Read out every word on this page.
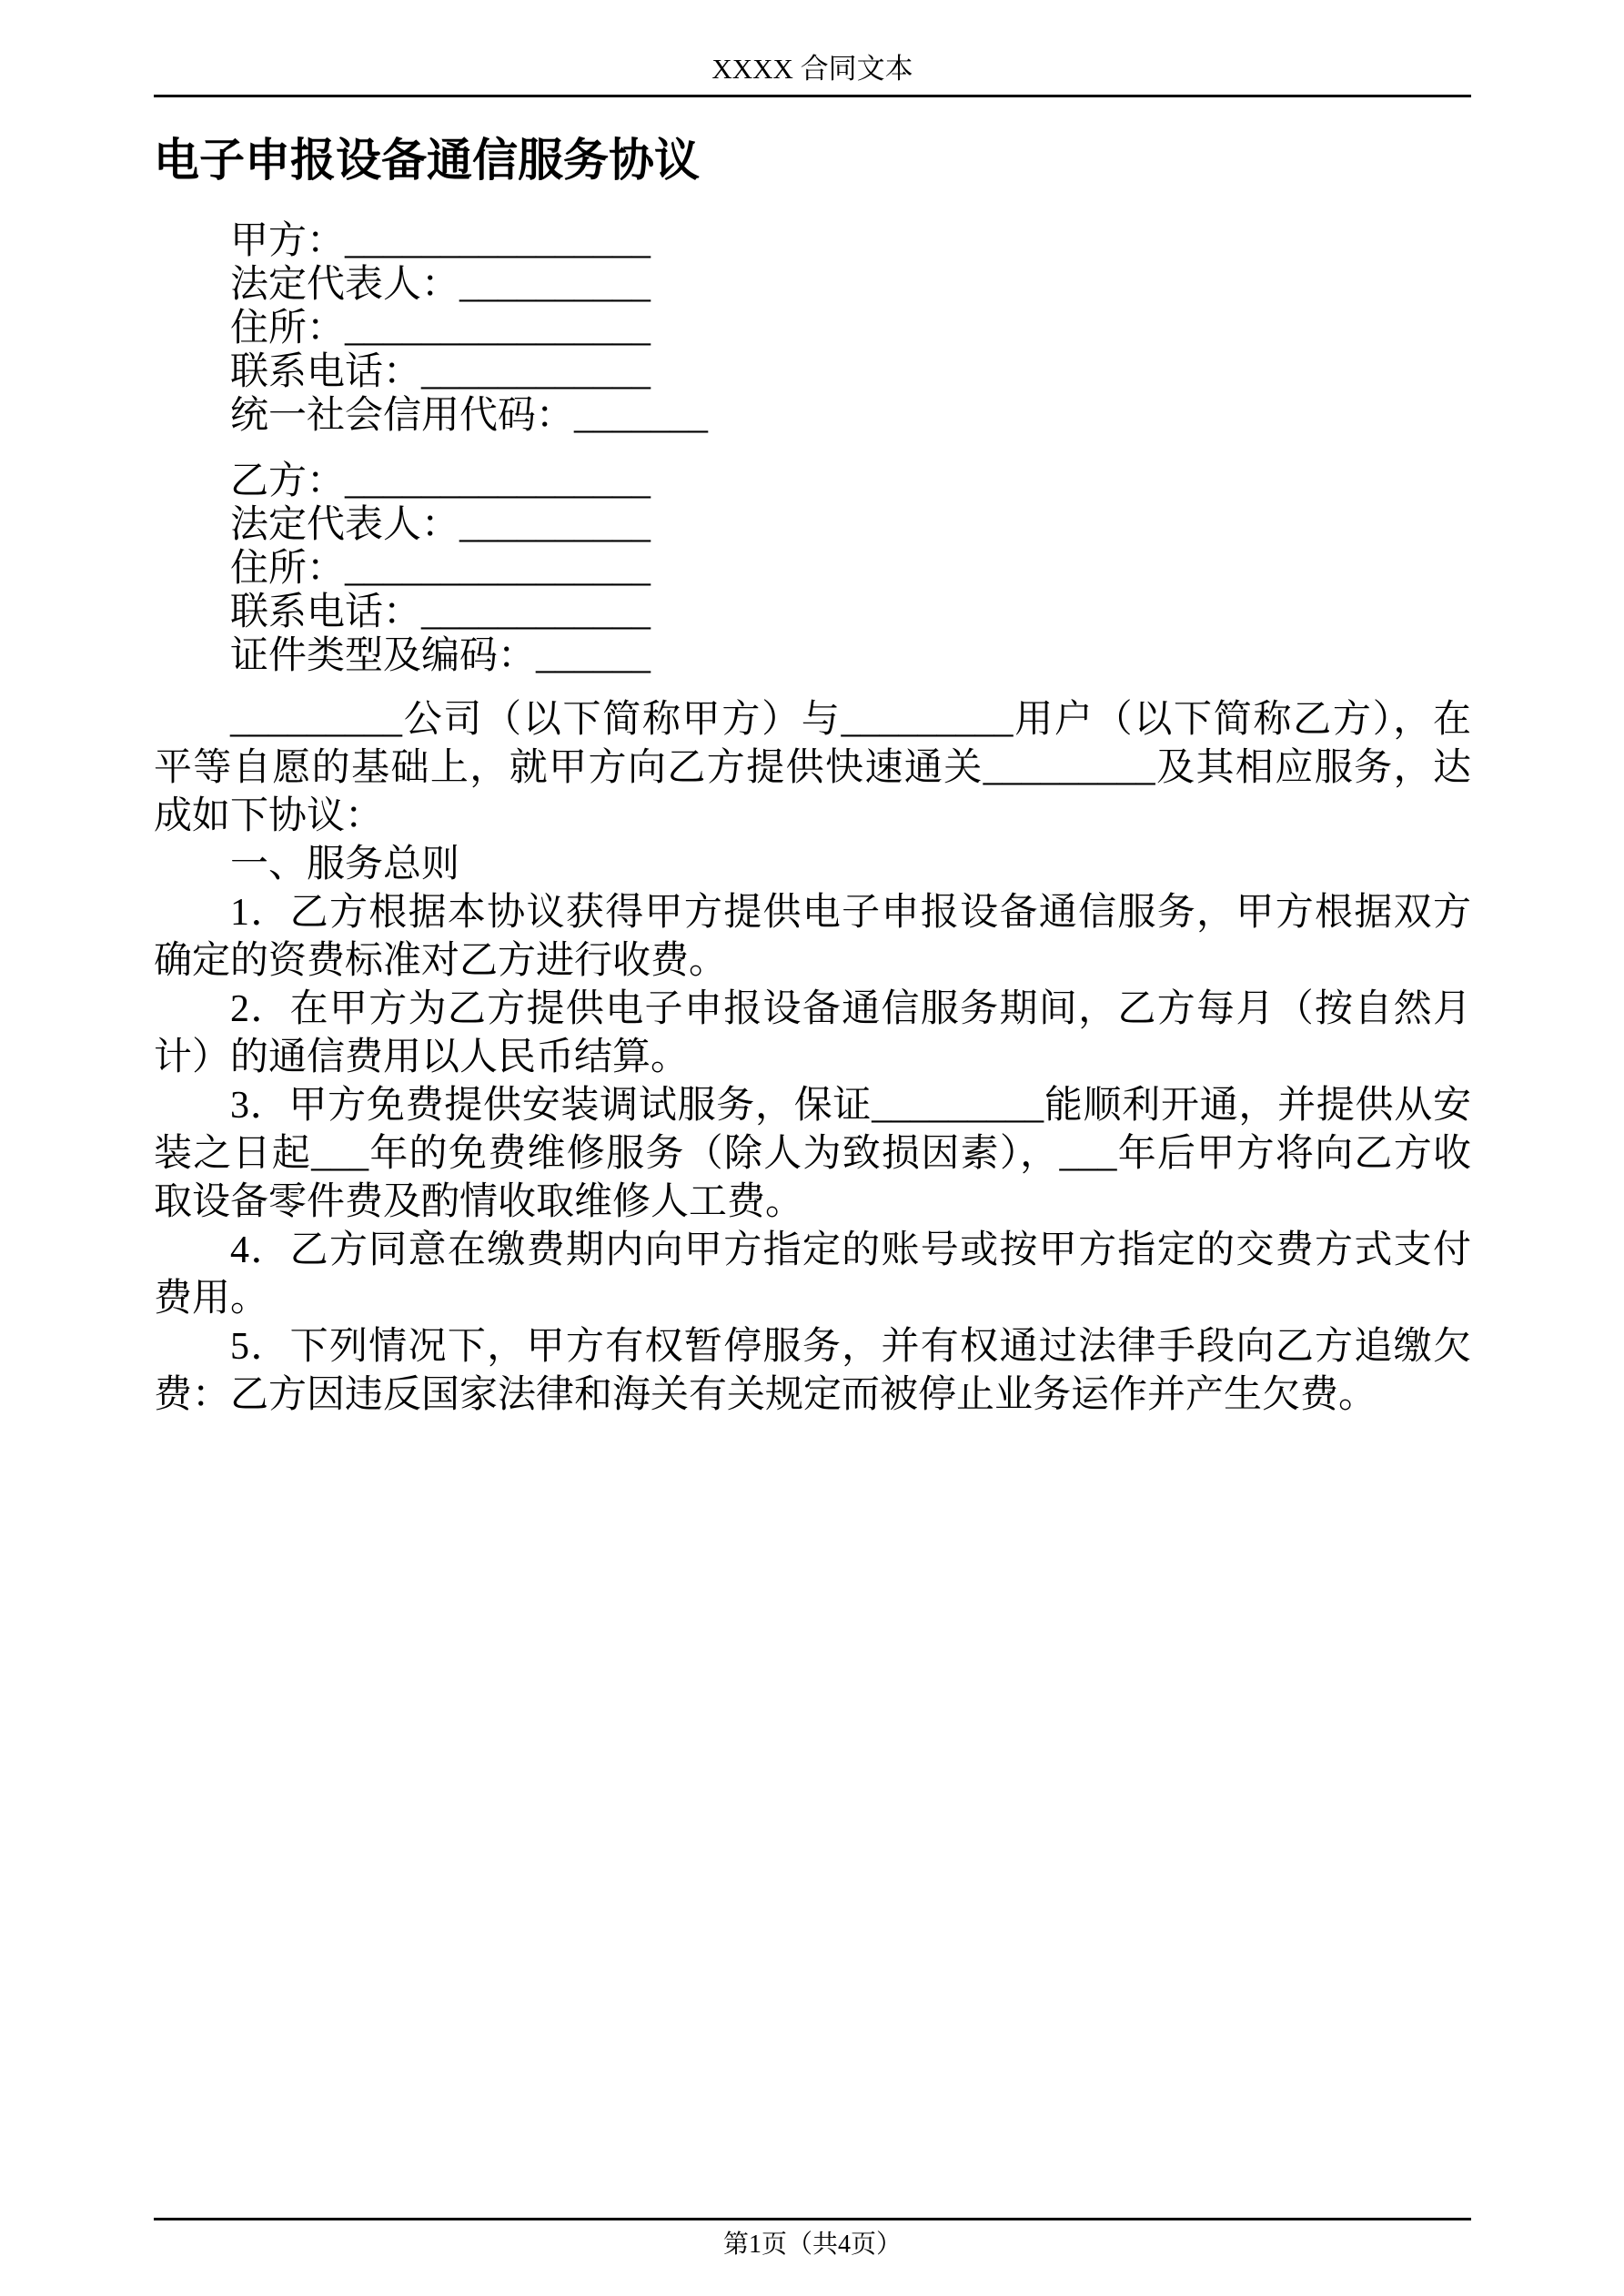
XXXX 合同文本
电子申报设备通信服务协议
甲方：________________
法定代表人：__________
住所：________________
联系电话：____________
统一社会信用代码：_______
乙方：________________
法定代表人：__________
住所：________________
联系电话：____________
证件类型及编码：______

_________公司（以下简称甲方）与_________用户（以下简称乙方），在平等自愿的基础上，就甲方向乙方提供快速通关_________及其相应服务，达成如下协议：

一、服务总则

1．乙方根据本协议获得甲方提供电子申报设备通信服务，甲方根据双方确定的资费标准对乙方进行收费。

2．在甲方为乙方提供电子申报设备通信服务期间，乙方每月（按自然月计）的通信费用以人民币结算。

3．甲方免费提供安装调试服务，保证_________能顺利开通，并提供从安装之日起___年的免费维修服务（除人为致损因素），___年后甲方将向乙方收取设备零件费及酌情收取维修人工费。

4．乙方同意在缴费期内向甲方指定的账号或按甲方指定的交费方式支付费用。

5．下列情况下，甲方有权暂停服务，并有权通过法律手段向乙方追缴欠费：乙方因违反国家法律和海关有关规定而被停止业务运作并产生欠费。

第1页（共4页）
